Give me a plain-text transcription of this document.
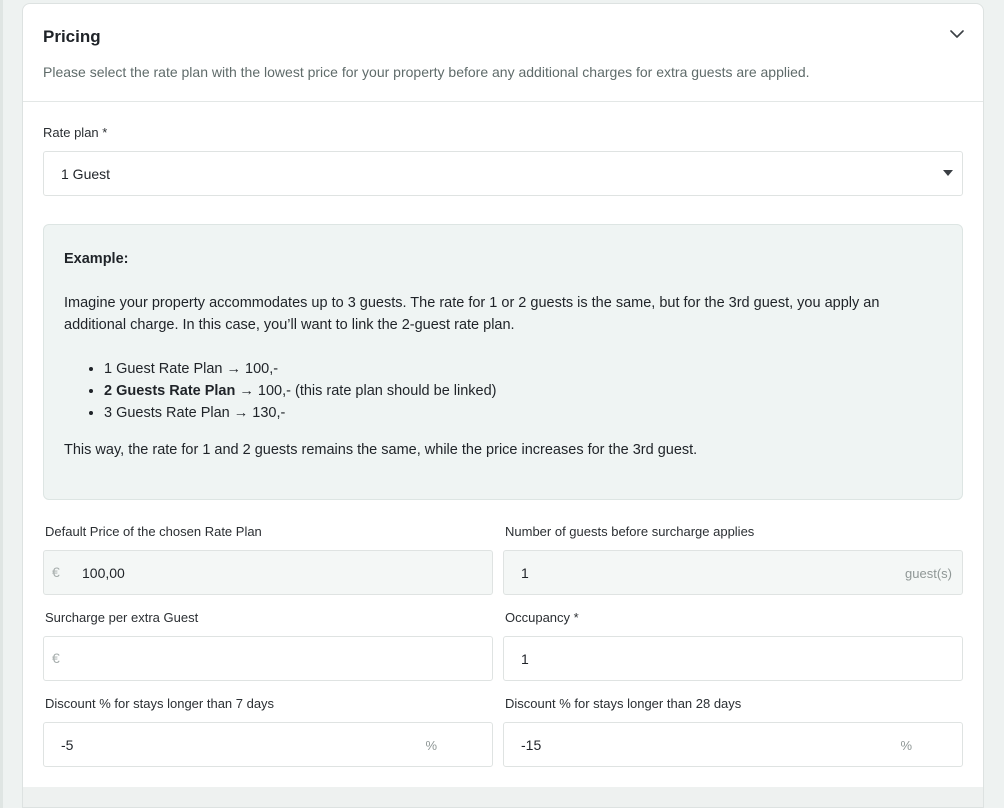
Pricing
Please select the rate plan with the lowest price for your property before any additional charges for extra guests are applied.
Rate plan *
1 Guest
Example:
Imagine your property accommodates up to 3 guests. The rate for 1 or 2 guests is the same, but for the 3rd guest, you apply an additional charge. In this case, you’ll want to link the 2-guest rate plan.
• 1 Guest Rate Plan → 100,-
• 2 Guests Rate Plan → 100,- (this rate plan should be linked)
• 3 Guests Rate Plan → 130,-
This way, the rate for 1 and 2 guests remains the same, while the price increases for the 3rd guest.
Default Price of the chosen Rate Plan
€ 100,00
Number of guests before surcharge applies
1	guest(s)
Surcharge per extra Guest
€
Occupancy *
1
Discount % for stays longer than 7 days
-5	%
Discount % for stays longer than 28 days
-15	%
